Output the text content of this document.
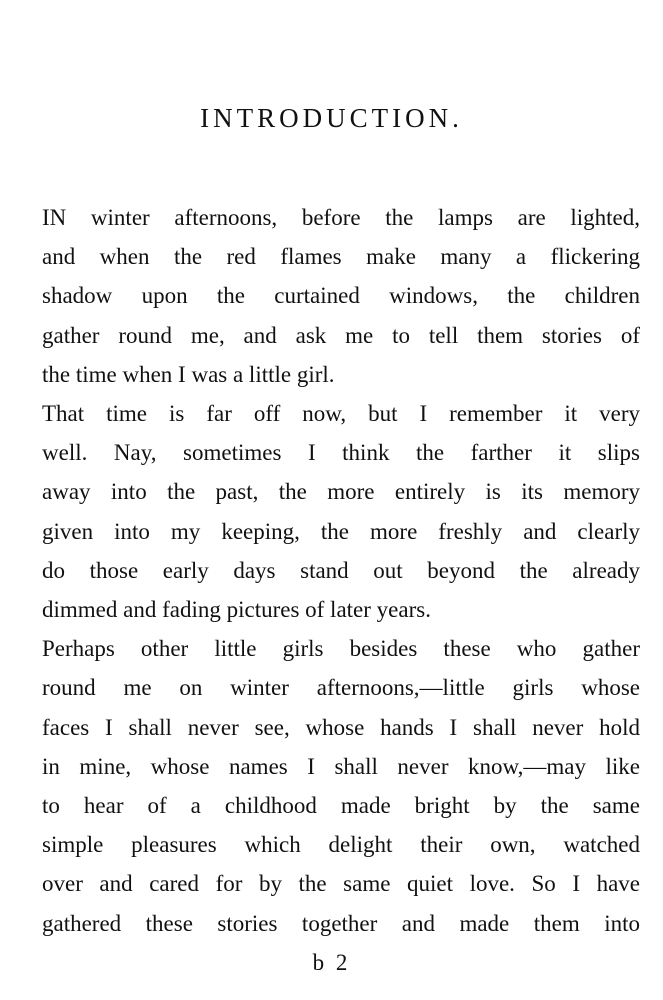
INTRODUCTION.
IN winter afternoons, before the lamps are lighted,
and when the red flames make many a flickering
shadow upon the curtained windows, the children
gather round me, and ask me to tell them stories of
the time when I was a little girl.
That time is far off now, but I remember it very
well. Nay, sometimes I think the farther it slips
away into the past, the more entirely is its memory
given into my keeping, the more freshly and clearly
do those early days stand out beyond the already
dimmed and fading pictures of later years.
Perhaps other little girls besides these who gather
round me on winter afternoons,—little girls whose
faces I shall never see, whose hands I shall never hold
in mine, whose names I shall never know,—may like
to hear of a childhood made bright by the same
simple pleasures which delight their own, watched
over and cared for by the same quiet love. So I have
gathered these stories together and made them into
b 2
